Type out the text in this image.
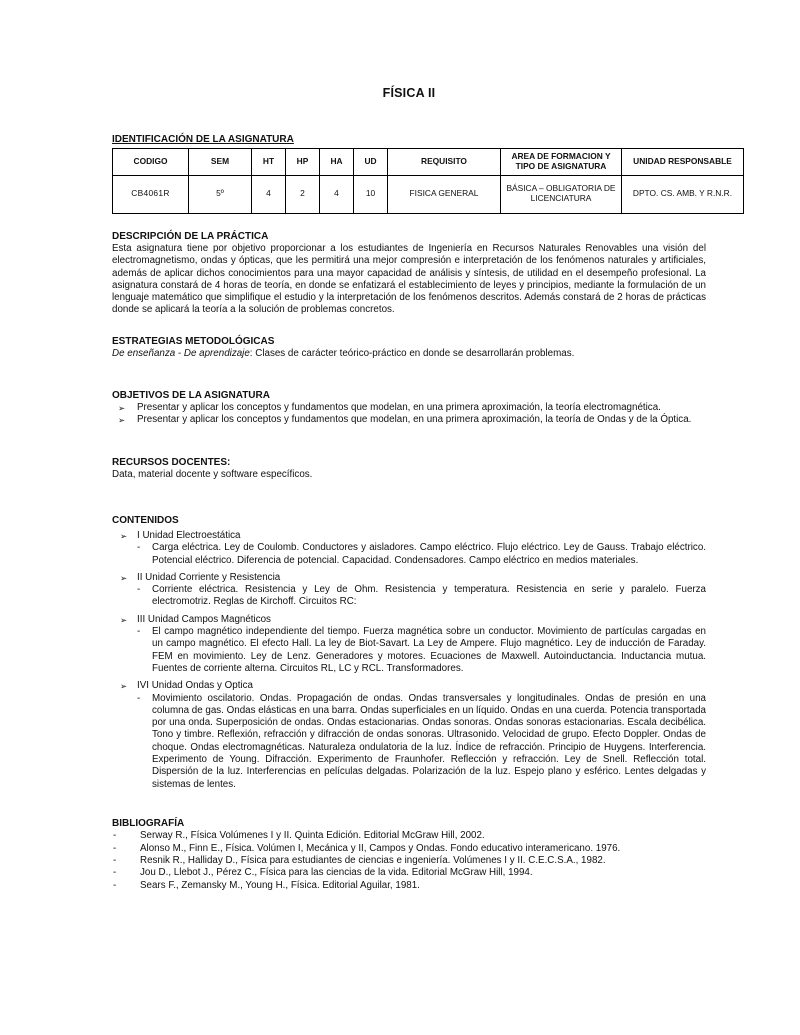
FÍSICA II
IDENTIFICACIÓN DE LA ASIGNATURA
CODIGO	SEM	HT	HP	HA	UD	REQUISITO	AREA DE FORMACION Y TIPO DE ASIGNATURA	UNIDAD RESPONSABLE
CB4061R	5º	4	2	4	10	FISICA GENERAL	BÁSICA – OBLIGATORIA DE LICENCIATURA	DPTO. CS. AMB. Y R.N.R.
DESCRIPCIÓN DE LA PRÁCTICA

Esta asignatura tiene por objetivo proporcionar a los estudiantes de Ingeniería en Recursos Naturales Renovables una visión del electromagnetismo, ondas y ópticas, que les permitirá una mejor compresión e interpretación de los fenómenos naturales y artificiales, además de aplicar dichos conocimientos para una mayor capacidad de análisis y síntesis, de utilidad en el desempeño profesional. La asignatura constará de 4 horas de teoría, en donde se enfatizará el establecimiento de leyes y principios, mediante la formulación de un lenguaje matemático que simplifique el estudio y la interpretación de los fenómenos descritos. Además constará de 2 horas de prácticas donde se aplicará la teoría a la solución de problemas concretos.

ESTRATEGIAS METODOLÓGICAS

De enseñanza - De aprendizaje: Clases de carácter teórico-práctico en donde se desarrollarán problemas.

OBJETIVOS DE LA ASIGNATURA
➢	Presentar y aplicar los conceptos y fundamentos que modelan, en una primera aproximación, la teoría electromagnética.
➢	Presentar y aplicar los conceptos y fundamentos que modelan, en una primera aproximación, la teoría de Ondas y de la Óptica.
RECURSOS DOCENTES:

Data, material docente y software específicos.

CONTENIDOS
➢	I Unidad Electroestática
-	Carga eléctrica. Ley de Coulomb. Conductores y aisladores. Campo eléctrico. Flujo eléctrico. Ley de Gauss. Trabajo eléctrico. Potencial eléctrico. Diferencia de potencial. Capacidad. Condensadores. Campo eléctrico en medios materiales.
➢	II Unidad Corriente y Resistencia
-	Corriente eléctrica. Resistencia y Ley de Ohm. Resistencia y temperatura. Resistencia en serie y paralelo. Fuerza electromotriz. Reglas de Kirchoff. Circuitos RC:
➢	III Unidad Campos Magnéticos
-	El campo magnético independiente del tiempo. Fuerza magnética sobre un conductor. Movimiento de partículas cargadas en un campo magnético. El efecto Hall. La ley de Biot-Savart. La Ley de Ampere. Flujo magnético. Ley de inducción de Faraday. FEM en movimiento. Ley de Lenz. Generadores y motores. Ecuaciones de Maxwell. Autoinductancia. Inductancia mutua. Fuentes de corriente alterna. Circuitos RL, LC y RCL. Transformadores.
➢	IVI Unidad Ondas y Optica
-	Movimiento oscilatorio. Ondas. Propagación de ondas. Ondas transversales y longitudinales. Ondas de presión en una columna de gas. Ondas elásticas en una barra. Ondas superficiales en un líquido. Ondas en una cuerda. Potencia transportada por una onda. Superposición de ondas. Ondas estacionarias. Ondas sonoras. Ondas sonoras estacionarias. Escala decibélica. Tono y timbre. Reflexión, refracción y difracción de ondas sonoras. Ultrasonido. Velocidad de grupo. Efecto Doppler. Ondas de choque. Ondas electromagnéticas. Naturaleza ondulatoria de la luz. Índice de refracción. Principio de Huygens. Interferencia. Experimento de Young. Difracción. Experimento de Fraunhofer. Reflección y refracción. Ley de Snell. Reflección total. Dispersión de la luz. Interferencias en películas delgadas. Polarización de la luz. Espejo plano y esférico. Lentes delgadas y sistemas de lentes.
BIBLIOGRAFÍA
-	Serway R., Física Volúmenes I y II. Quinta Edición. Editorial McGraw Hill, 2002.
-	Alonso M., Finn E., Física. Volúmen I, Mecánica y II, Campos y Ondas. Fondo educativo interamericano. 1976.
-	Resnik R., Halliday D., Física para estudiantes de ciencias e ingeniería. Volúmenes I y II. C.E.C.S.A., 1982.
-	Jou D., Llebot J., Pérez C., Física para las ciencias de la vida. Editorial McGraw Hill, 1994.
-	Sears F., Zemansky M., Young H., Física. Editorial Aguilar, 1981.
